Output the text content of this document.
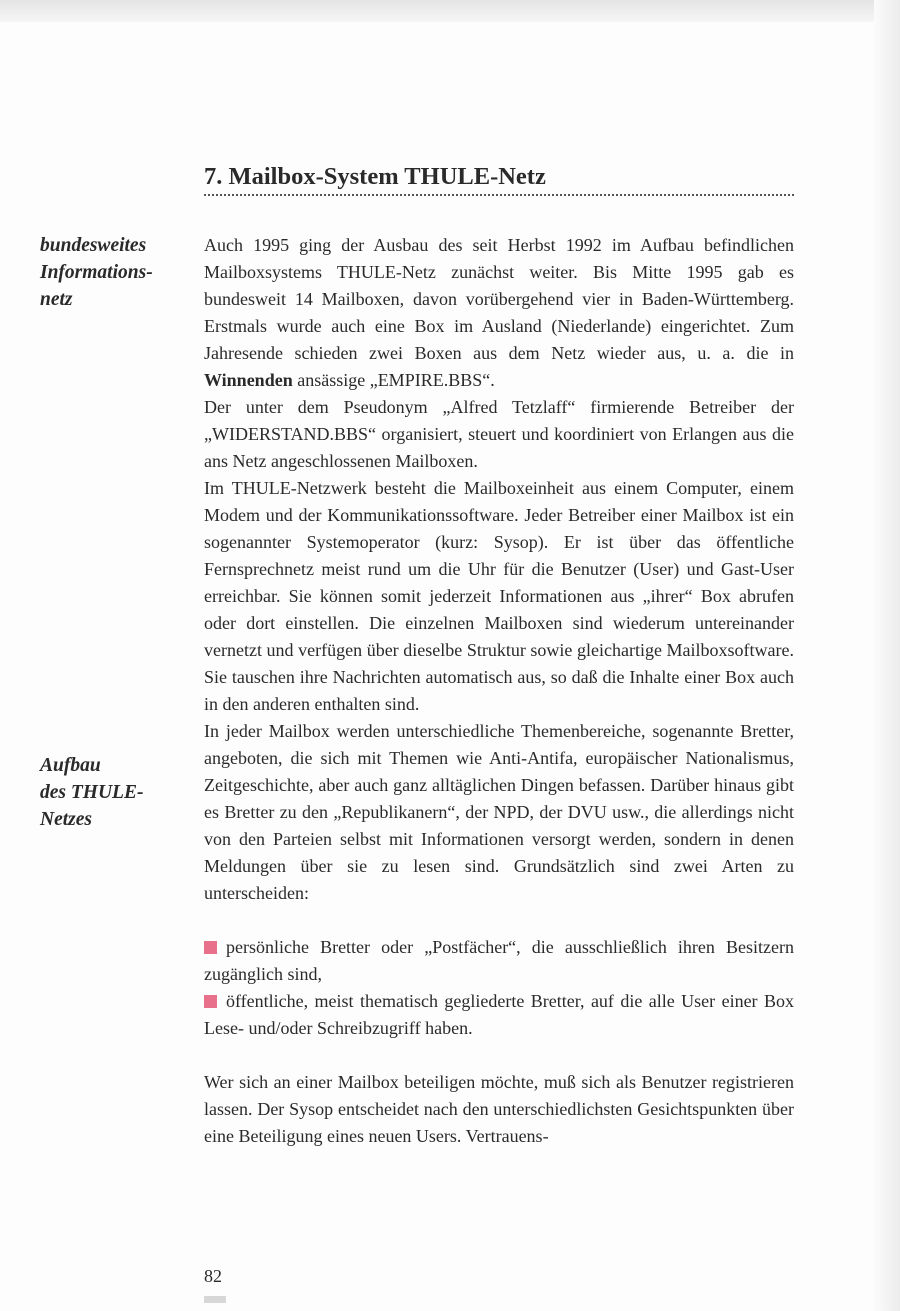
7. Mailbox-System THULE-Netz
bundesweites
Informations-
netz
Aufbau
des THULE-
Netzes

Auch 1995 ging der Ausbau des seit Herbst 1992 im Aufbau befindlichen Mailboxsystems THULE-Netz zunächst weiter. Bis Mitte 1995 gab es bundesweit 14 Mailboxen, davon vorübergehend vier in Baden-Württemberg. Erstmals wurde auch eine Box im Ausland (Niederlande) eingerichtet. Zum Jahresende schieden zwei Boxen aus dem Netz wieder aus, u. a. die in Winnenden ansässige „EMPIRE.BBS“.

Der unter dem Pseudonym „Alfred Tetzlaff“ firmierende Betreiber der „WIDERSTAND.BBS“ organisiert, steuert und koordiniert von Erlangen aus die ans Netz angeschlossenen Mailboxen.

Im THULE-Netzwerk besteht die Mailboxeinheit aus einem Computer, einem Modem und der Kommunikationssoftware. Jeder Betreiber einer Mailbox ist ein sogenannter Systemoperator (kurz: Sysop). Er ist über das öffentliche Fernsprechnetz meist rund um die Uhr für die Benutzer (User) und Gast-User erreichbar. Sie können somit jederzeit Informationen aus „ihrer“ Box abrufen oder dort einstellen. Die einzelnen Mailboxen sind wiederum untereinander vernetzt und verfügen über dieselbe Struktur sowie gleichartige Mailboxsoftware. Sie tauschen ihre Nachrichten automatisch aus, so daß die Inhalte einer Box auch in den anderen enthalten sind.

In jeder Mailbox werden unterschiedliche Themenbereiche, sogenannte Bretter, angeboten, die sich mit Themen wie Anti-Antifa, europäischer Nationalismus, Zeitgeschichte, aber auch ganz alltäglichen Dingen befassen. Darüber hinaus gibt es Bretter zu den „Republikanern“, der NPD, der DVU usw., die allerdings nicht von den Parteien selbst mit Informationen versorgt werden, sondern in denen Meldungen über sie zu lesen sind. Grundsätzlich sind zwei Arten zu unterscheiden:

persönliche Bretter oder „Postfächer“, die ausschließlich ihren Besitzern zugänglich sind,

öffentliche, meist thematisch gegliederte Bretter, auf die alle User einer Box Lese- und/oder Schreibzugriff haben.

Wer sich an einer Mailbox beteiligen möchte, muß sich als Benutzer registrieren lassen. Der Sysop entscheidet nach den unterschiedlichsten Gesichtspunkten über eine Beteiligung eines neuen Users. Vertrauens-

82
